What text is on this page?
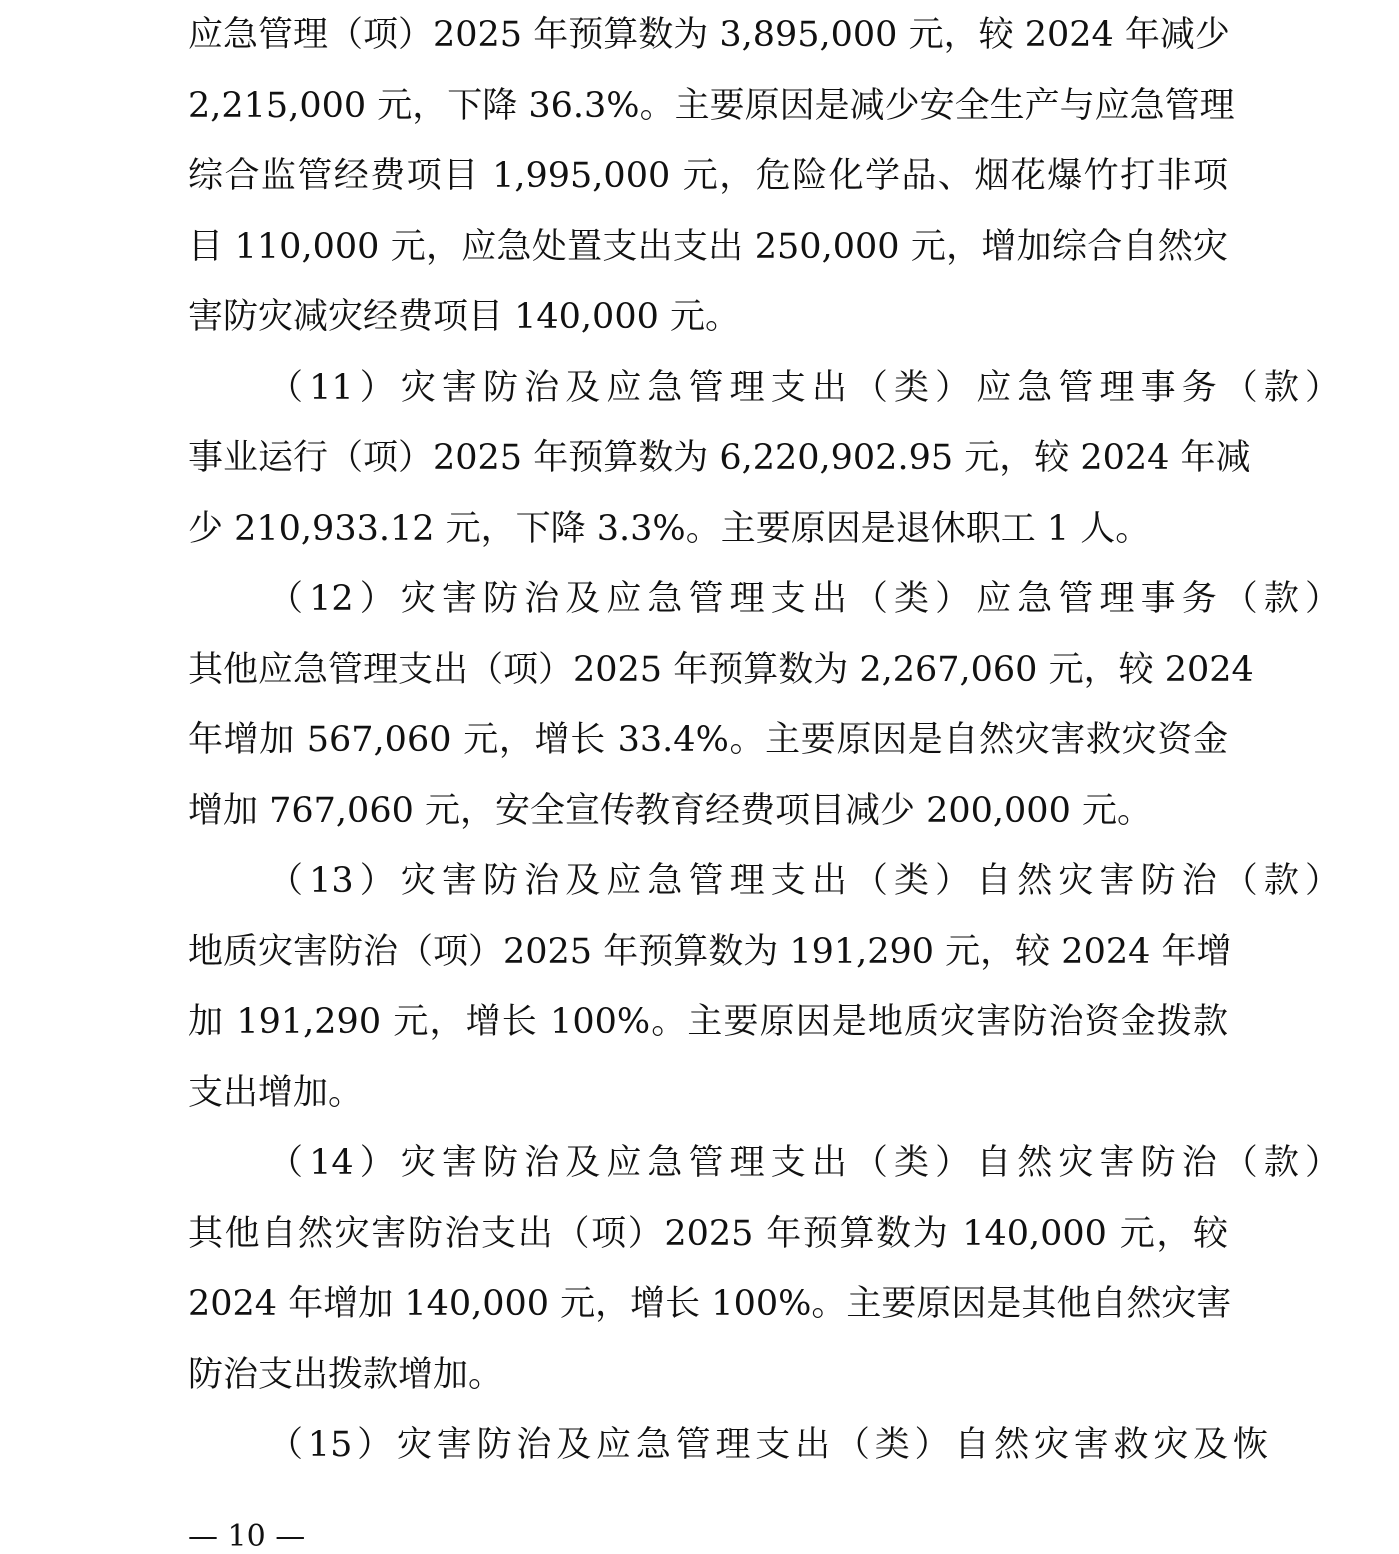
应急管理（项）2025 年预算数为 3,895,000 元，较 2024 年减少
2,215,000 元，下降 36.3%。主要原因是减少安全生产与应急管理
综合监管经费项目 1,995,000 元，危险化学品、烟花爆竹打非项
目 110,000 元，应急处置支出支出 250,000 元，增加综合自然灾
害防灾减灾经费项目 140,000 元。
（11）灾害防治及应急管理支出（类）应急管理事务（款）
事业运行（项）2025 年预算数为 6,220,902.95 元，较 2024 年减
少 210,933.12 元，下降 3.3%。主要原因是退休职工 1 人。
（12）灾害防治及应急管理支出（类）应急管理事务（款）
其他应急管理支出（项）2025 年预算数为 2,267,060 元，较 2024
年增加 567,060 元，增长 33.4%。主要原因是自然灾害救灾资金
增加 767,060 元，安全宣传教育经费项目减少 200,000 元。
（13）灾害防治及应急管理支出（类）自然灾害防治（款）
地质灾害防治（项）2025 年预算数为 191,290 元，较 2024 年增
加 191,290 元，增长 100%。主要原因是地质灾害防治资金拨款
支出增加。
（14）灾害防治及应急管理支出（类）自然灾害防治（款）
其他自然灾害防治支出（项）2025 年预算数为 140,000 元，较
2024 年增加 140,000 元，增长 100%。主要原因是其他自然灾害
防治支出拨款增加。
（15）灾害防治及应急管理支出（类）自然灾害救灾及恢
— 10 —
